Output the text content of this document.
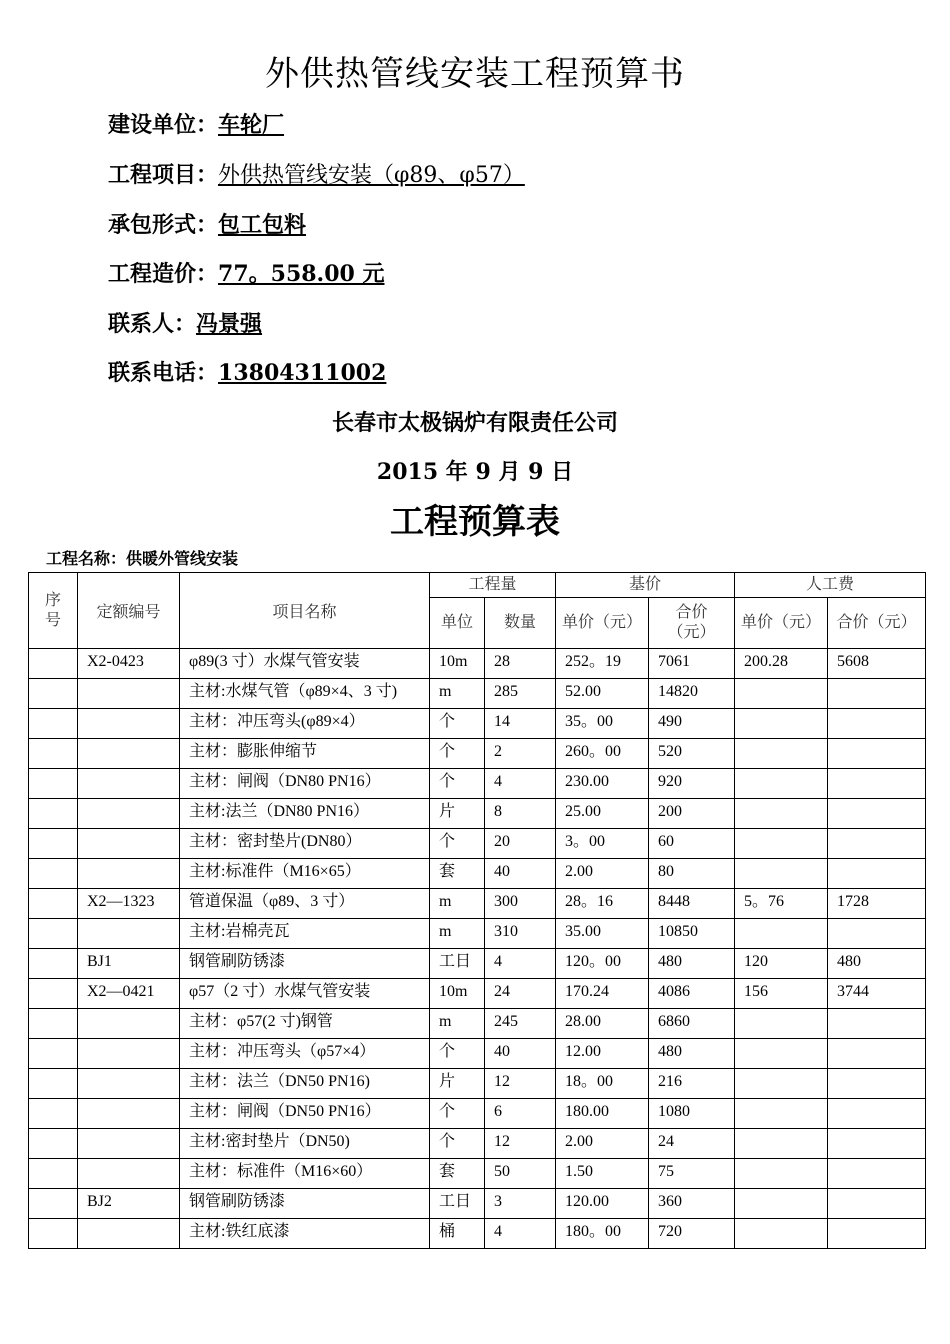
外供热管线安装工程预算书
建设单位：车轮厂
工程项目：外供热管线安装（φ89、φ57）
承包形式：包工包料
工程造价：77。558.00 元
联系人：冯景强
联系电话：13804311002
长春市太极锅炉有限责任公司
2015 年 9 月 9 日
工程预算表
工程名称：供暖外管线安装
序号	定额编号	项目名称	工程量		基价		人工费	
			单位	数量	单价（元）	合价（元）	单价（元）	合价（元）
	X2-0423	φ89(3 寸）水煤气管安装	10m	28	252。19	7061	200.28	5608
		主材:水煤气管（φ89×4、3 寸)	m	285	52.00	14820		
		主材：冲压弯头(φ89×4）	个	14	35。00	490		
		主材：膨胀伸缩节	个	2	260。00	520		
		主材：闸阀（DN80 PN16）	个	4	230.00	920		
		主材:法兰（DN80 PN16）	片	8	25.00	200		
		主材：密封垫片(DN80）	个	20	3。00	60		
		主材:标准件（M16×65）	套	40	2.00	80		
	X2—1323	管道保温（φ89、3 寸）	m	300	28。16	8448	5。76	1728
		主材:岩棉壳瓦	m	310	35.00	10850		
	BJ1	钢管刷防锈漆	工日	4	120。00	480	120	480
	X2—0421	φ57（2 寸）水煤气管安装	10m	24	170.24	4086	156	3744
		主材：φ57(2 寸)钢管	m	245	28.00	6860		
		主材：冲压弯头（φ57×4）	个	40	12.00	480		
		主材：法兰（DN50 PN16)	片	12	18。00	216		
		主材：闸阀（DN50 PN16）	个	6	180.00	1080		
		主材:密封垫片（DN50)	个	12	2.00	24		
		主材：标准件（M16×60）	套	50	1.50	75		
	BJ2	钢管刷防锈漆	工日	3	120.00	360		
		主材:铁红底漆	桶	4	180。00	720		
